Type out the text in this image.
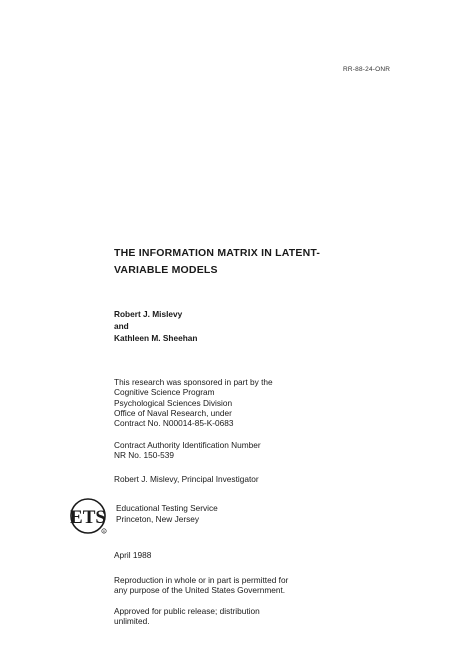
RR-88-24-ONR
THE INFORMATION MATRIX IN LATENT-
VARIABLE MODELS
Robert J. Mislevy
and
Kathleen M. Sheehan
This research was sponsored in part by the
Cognitive Science Program
Psychological Sciences Division
Office of Naval Research, under
Contract No. N00014-85-K-0683
Contract Authority Identification Number
NR No. 150-539
Robert J. Mislevy, Principal Investigator
ETS
R
Educational Testing Service
Princeton, New Jersey
April 1988
Reproduction in whole or in part is permitted for
any purpose of the United States Government.
Approved for public release; distribution
unlimited.
